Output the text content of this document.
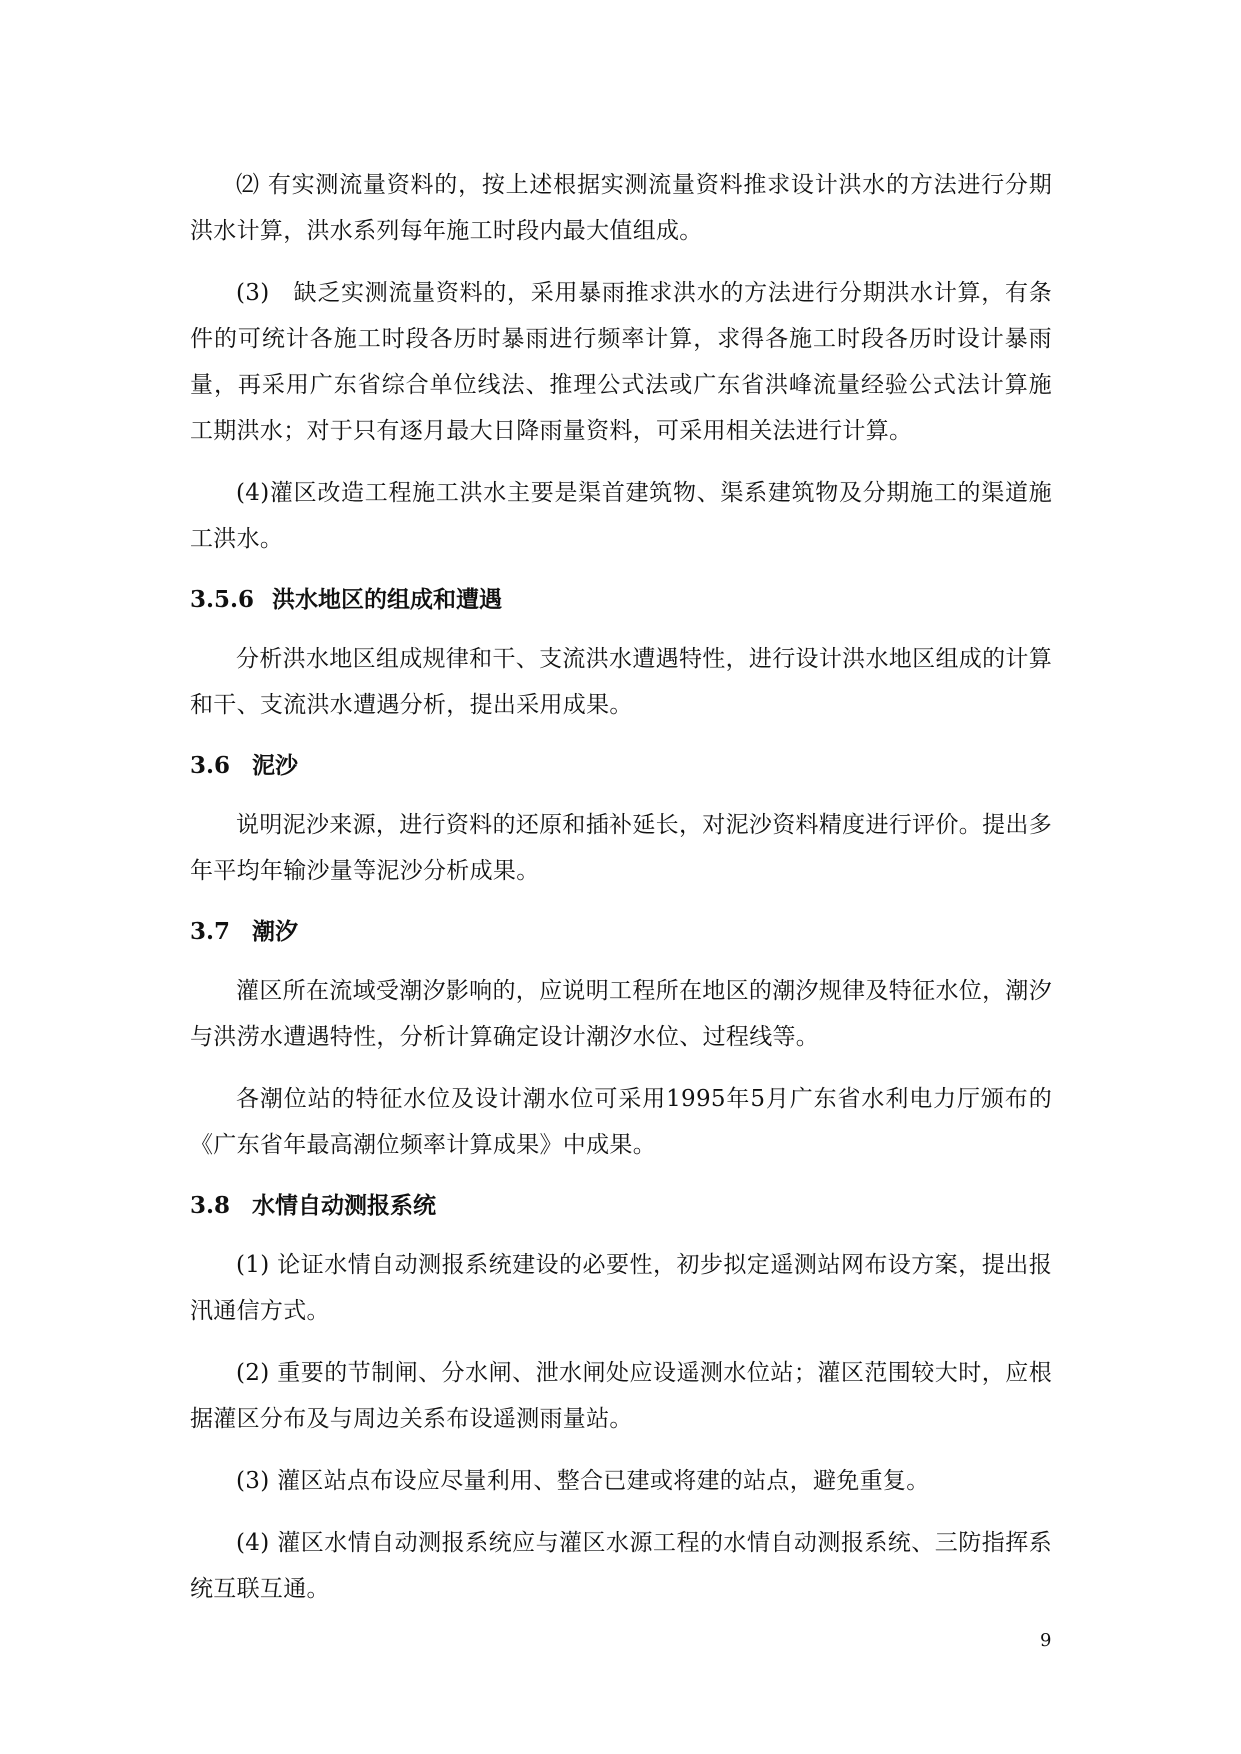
⑵ 有实测流量资料的，按上述根据实测流量资料推求设计洪水的方法进行分期洪水计算，洪水系列每年施工时段内最大值组成。

(3)　缺乏实测流量资料的，采用暴雨推求洪水的方法进行分期洪水计算，有条件的可统计各施工时段各历时暴雨进行频率计算，求得各施工时段各历时设计暴雨量，再采用广东省综合单位线法、推理公式法或广东省洪峰流量经验公式法计算施工期洪水；对于只有逐月最大日降雨量资料，可采用相关法进行计算。

(4)灌区改造工程施工洪水主要是渠首建筑物、渠系建筑物及分期施工的渠道施工洪水。

3.5.6 洪水地区的组成和遭遇

分析洪水地区组成规律和干、支流洪水遭遇特性，进行设计洪水地区组成的计算和干、支流洪水遭遇分析，提出采用成果。

3.6 泥沙

说明泥沙来源，进行资料的还原和插补延长，对泥沙资料精度进行评价。提出多年平均年输沙量等泥沙分析成果。

3.7 潮汐

灌区所在流域受潮汐影响的，应说明工程所在地区的潮汐规律及特征水位，潮汐与洪涝水遭遇特性，分析计算确定设计潮汐水位、过程线等。

各潮位站的特征水位及设计潮水位可采用1995年5月广东省水利电力厅颁布的《广东省年最高潮位频率计算成果》中成果。

3.8 水情自动测报系统

(1) 论证水情自动测报系统建设的必要性，初步拟定遥测站网布设方案，提出报汛通信方式。

(2) 重要的节制闸、分水闸、泄水闸处应设遥测水位站；灌区范围较大时，应根据灌区分布及与周边关系布设遥测雨量站。

(3) 灌区站点布设应尽量利用、整合已建或将建的站点，避免重复。

(4) 灌区水情自动测报系统应与灌区水源工程的水情自动测报系统、三防指挥系统互联互通。

9
